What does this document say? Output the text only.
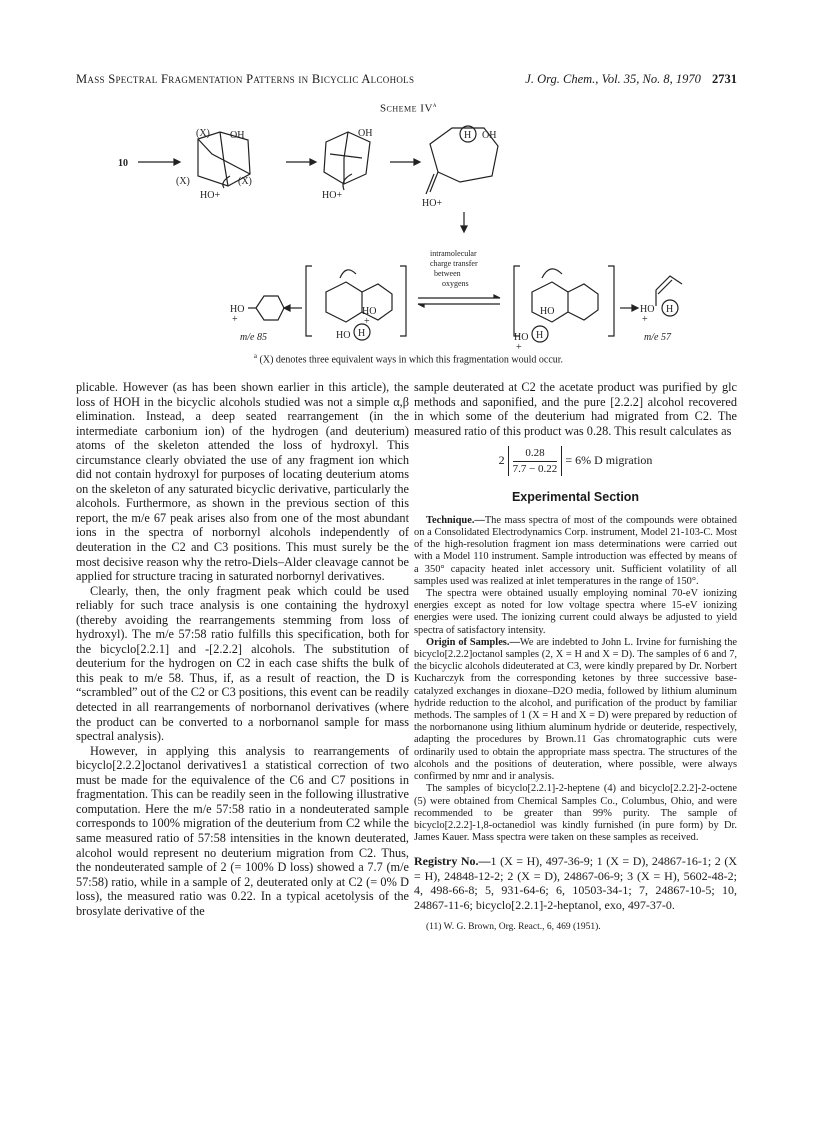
Mass Spectral Fragmentation Patterns in Bicyclic Alcohols	J. Org. Chem., Vol. 35, No. 8, 1970 2731
Scheme $IV^a$
10
(X) OH
(X)	(X)
HO+
OH
HO+
H OH
HO+
HO
+
m/e 85
HO
+
HO H
intramolecular
charge transfer
between
oxygens
HO
HO
+
H
HO
+
H
m/e 57
$^a$ (X) denotes three equivalent ways in which this fragmentation would occur.

plicable. However (as has been shown earlier in this article), the loss of HOH in the bicyclic alcohols studied was not a simple α,β elimination. Instead, a deep seated rearrangement (in the intermediate carbonium ion) of the hydrogen (and deuterium) atoms of the skeleton attended the loss of hydroxyl. This circumstance clearly obviated the use of any fragment ion which did not contain hydroxyl for purposes of locating deuterium atoms on the skeleton of any saturated bicyclic derivative, particularly the alcohols. Furthermore, as shown in the previous section of this report, the m/e 67 peak arises also from one of the most abundant ions in the spectra of norbornyl alcohols independently of deuteration in the C2 and C3 positions. This must surely be the most decisive reason why the retro-Diels–Alder cleavage cannot be applied for structure tracing in saturated norbornyl derivatives.

Clearly, then, the only fragment peak which could be used reliably for such trace analysis is one containing the hydroxyl (thereby avoiding the rearrangements stemming from loss of hydroxyl). The m/e 57:58 ratio fulfills this specification, both for the bicyclo[2.2.1] and -[2.2.2] alcohols. The substitution of deuterium for the hydrogen on C2 in each case shifts the bulk of this peak to m/e 58. Thus, if, as a result of reaction, the D is “scrambled” out of the C2 or C3 positions, this event can be readily detected in all rearrangements of norbornanol derivatives (where the product can be converted to a norbornanol sample for mass spectral analysis).

However, in applying this analysis to rearrangements of bicyclo[2.2.2]octanol derivatives1 a statistical correction of two must be made for the equivalence of the C6 and C7 positions in fragmentation. This can be readily seen in the following illustrative computation. Here the m/e 57:58 ratio in a nondeuterated sample corresponds to 100% migration of the deuterium from C2 while the same measured ratio of 57:58 intensities in the known deuterated, alcohol would represent no deuterium migration from C2. Thus, the nondeuterated sample of 2 (= 100% D loss) showed a 7.7 (m/e 57:58) ratio, while in a sample of 2, deuterated only at C2 (= 0% D loss), the measured ratio was 0.22. In a typical acetolysis of the brosylate derivative of the

sample deuterated at C2 the acetate product was purified by glc methods and saponified, and the pure [2.2.2] alcohol recovered in which some of the deuterium had migrated from C2. The measured ratio of this product was 0.28. This result calculates as

$2 \frac{0.28}{7.7 - 0.22} = 6\%$ D migration
Experimental Section

Technique.—The mass spectra of most of the compounds were obtained on a Consolidated Electrodynamics Corp. instrument, Model 21-103-C. Most of the high-resolution fragment ion mass determinations were carried out with a Model 110 instrument. Sample introduction was effected by means of a 350° capacity heated inlet accessory unit. Sufficient volatility of all samples used was realized at inlet temperatures in the range of 150°.

The spectra were obtained usually employing nominal 70-eV ionizing energies except as noted for low voltage spectra where 15-eV ionizing energies were used. The ionizing current could always be adjusted to yield spectra of satisfactory intensity.

Origin of Samples.—We are indebted to John L. Irvine for furnishing the bicyclo[2.2.2]octanol samples (2, X = H and X = D). The samples of 6 and 7, the bicyclic alcohols dideuterated at C3, were kindly prepared by Dr. Norbert Kucharczyk from the corresponding ketones by three successive base-catalyzed exchanges in dioxane–D2O media, followed by lithium aluminum hydride reduction to the alcohol, and purification of the product by familiar methods. The samples of 1 (X = H and X = D) were prepared by reduction of the norbornanone using lithium aluminum hydride or deuteride, respectively, adapting the procedures by Brown.11 Gas chromatographic cuts were ordinarily used to obtain the appropriate mass spectra. The structures of the alcohols and the positions of deuteration, where possible, were always confirmed by nmr and ir analysis.

The samples of bicyclo[2.2.1]-2-heptene (4) and bicyclo[2.2.2]-2-octene (5) were obtained from Chemical Samples Co., Columbus, Ohio, and were recommended to be greater than 99% purity. The sample of bicyclo[2.2.2]-1,8-octanediol was kindly furnished (in pure form) by Dr. James Kauer. Mass spectra were taken on these samples as received.

Registry No.—1 (X = H), 497-36-9; 1 (X = D), 24867-16-1; 2 (X = H), 24848-12-2; 2 (X = D), 24867-06-9; 3 (X = H), 5602-48-2; 4, 498-66-8; 5, 931-64-6; 6, 10503-34-1; 7, 24867-10-5; 10, 24867-11-6; bicyclo[2.2.1]-2-heptanol, exo, 497-37-0.

(11) W. G. Brown, Org. React., 6, 469 (1951).
